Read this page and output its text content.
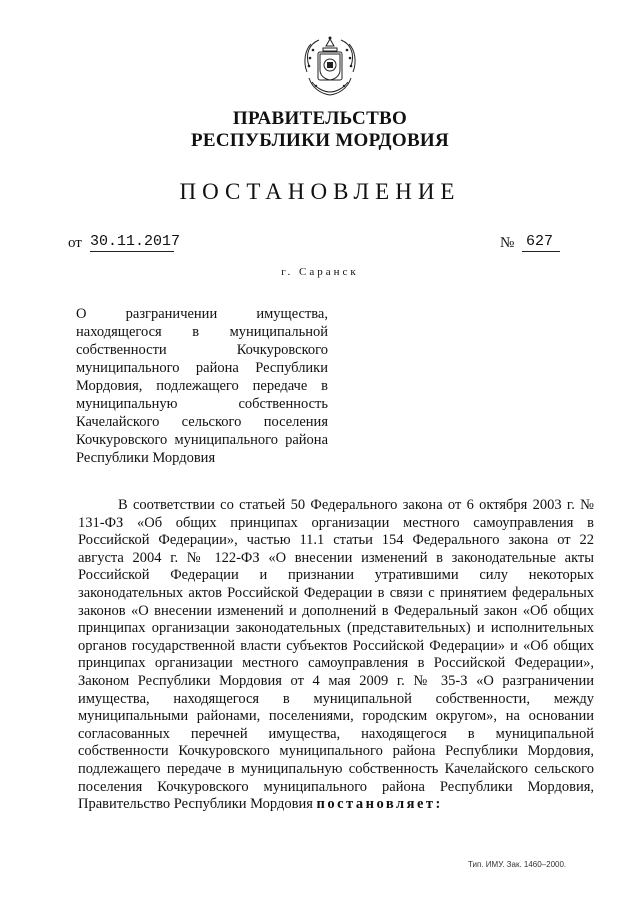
ПРАВИТЕЛЬСТВО
РЕСПУБЛИКИ МОРДОВИЯ
ПОСТАНОВЛЕНИЕ
от 30.11.2017	№ 627
г. Саранск
О разграничении имущества, находящегося в муниципальной собственности Кочкуровского муниципального района Республики Мордовия, подлежащего передаче в муниципальную собственность Качелайского сельского поселения Кочкуровского муниципального района Республики Мордовия

В соответствии со статьей 50 Федерального закона от 6 октября 2003 г. № 131-ФЗ «Об общих принципах организации местного самоуправления в Российской Федерации», частью 11.1 статьи 154 Федерального закона от 22 августа 2004 г. № 122-ФЗ «О внесении изменений в законодательные акты Российской Федерации и признании утратившими силу некоторых законодательных актов Российской Федерации в связи с принятием федеральных законов «О внесении изменений и дополнений в Федеральный закон «Об общих принципах организации законодательных (представительных) и исполнительных органов государственной власти субъектов Российской Федерации» и «Об общих принципах организации местного самоуправления в Российской Федерации», Законом Республики Мордовия от 4 мая 2009 г. № 35-З «О разграничении имущества, находящегося в муниципальной собственности, между муниципальными районами, поселениями, городским округом», на основании согласованных перечней имущества, находящегося в муниципальной собственности Кочкуровского муниципального района Республики Мордовия, подлежащего передаче в муниципальную собственность Качелайского сельского поселения Кочкуровского муниципального района Республики Мордовия, Правительство Республики Мордовия постановляет:

Тип. ИМУ. Зак. 1460–2000.
